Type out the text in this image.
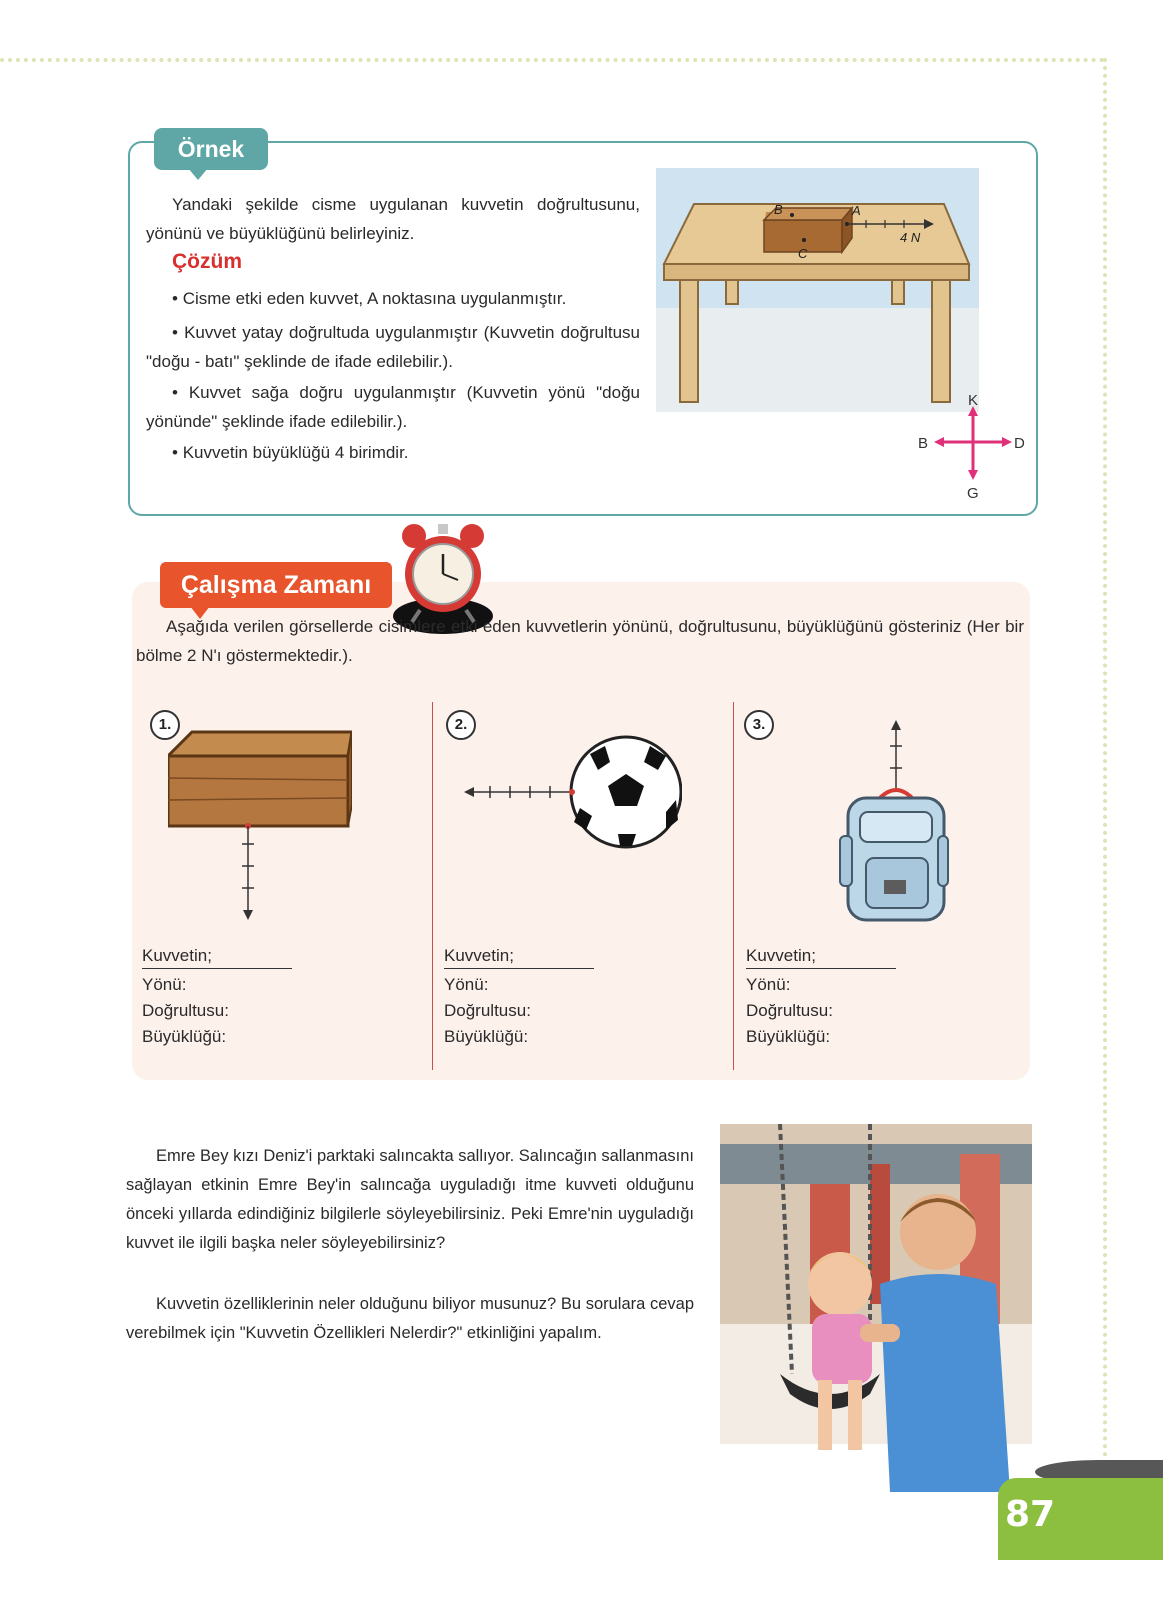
Örnek
Yandaki şekilde cisme uygulanan kuvvetin doğrultusunu, yönünü ve büyüklüğünü belirleyiniz.
Çözüm
• Cisme etki eden kuvvet, A noktasına uygulanmıştır.
• Kuvvet yatay doğrultuda uygulanmıştır (Kuvvetin doğrultusu "doğu - batı" şeklinde de ifade edilebilir.).
• Kuvvet sağa doğru uygulanmıştır (Kuvvetin yönü "doğu yönünde" şeklinde ifade edilebilir.).
• Kuvvetin büyüklüğü 4 birimdir.
B	A
C
4 N
K
G
B	D
Çalışma Zamanı
Aşağıda verilen görsellerde cisimlere etki eden kuvvetlerin yönünü, doğrultusunu, büyüklüğünü gösteriniz (Her bir bölme 2 N'ı göstermektedir.).
1.
Kuvvetin;
Yönü:
Doğrultusu:
Büyüklüğü:
2.
Kuvvetin;
Yönü:
Doğrultusu:
Büyüklüğü:
3.
Kuvvetin;
Yönü:
Doğrultusu:
Büyüklüğü:
Emre Bey kızı Deniz'i parktaki salıncakta sallıyor. Salıncağın sallanmasını sağlayan etkinin Emre Bey'in salıncağa uyguladığı itme kuvveti olduğunu önceki yıllarda edindiğiniz bilgilerle söyleyebilirsiniz. Peki Emre'nin uyguladığı kuvvet ile ilgili başka neler söyleyebilirsiniz?
Kuvvetin özelliklerinin neler olduğunu biliyor musunuz? Bu sorulara cevap verebilmek için "Kuvvetin Özellikleri Nelerdir?" etkinliğini yapalım.
87
